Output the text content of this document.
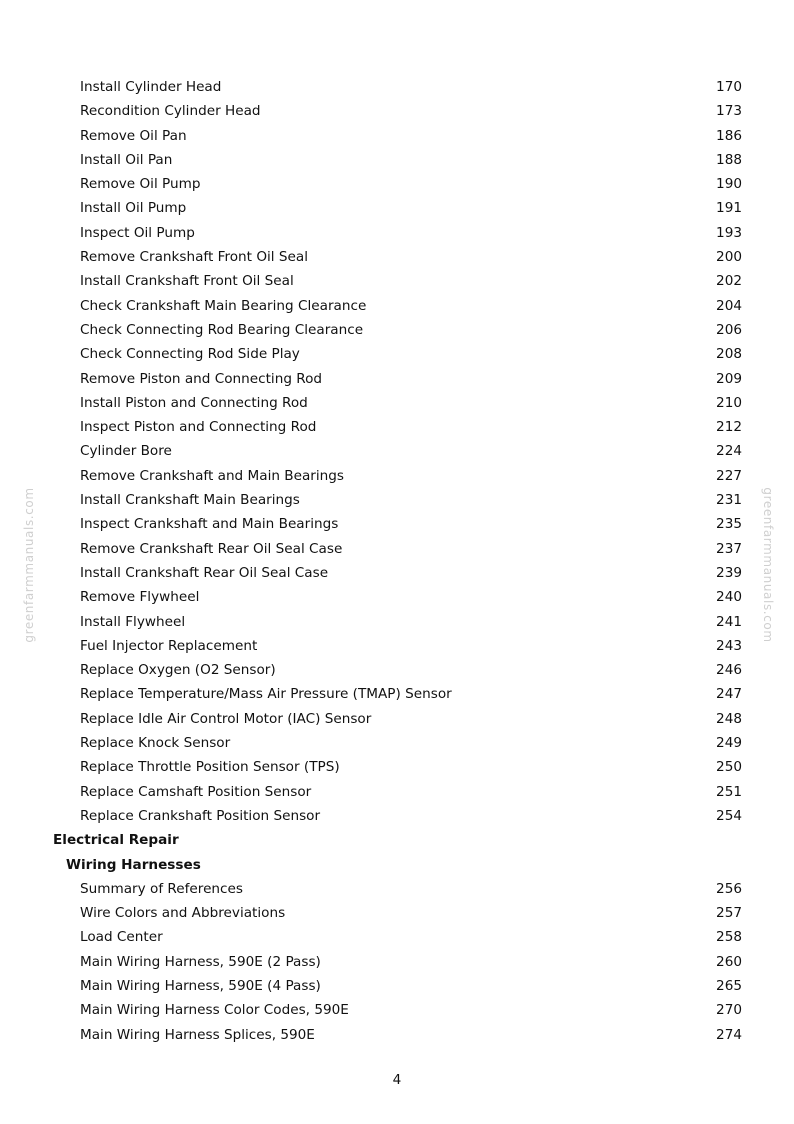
Install Cylinder Head	170
Recondition Cylinder Head	173
Remove Oil Pan	186
Install Oil Pan	188
Remove Oil Pump	190
Install Oil Pump	191
Inspect Oil Pump	193
Remove Crankshaft Front Oil Seal	200
Install Crankshaft Front Oil Seal	202
Check Crankshaft Main Bearing Clearance	204
Check Connecting Rod Bearing Clearance	206
Check Connecting Rod Side Play	208
Remove Piston and Connecting Rod	209
Install Piston and Connecting Rod	210
Inspect Piston and Connecting Rod	212
Cylinder Bore	224
Remove Crankshaft and Main Bearings	227
Install Crankshaft Main Bearings	231
Inspect Crankshaft and Main Bearings	235
Remove Crankshaft Rear Oil Seal Case	237
Install Crankshaft Rear Oil Seal Case	239
Remove Flywheel	240
Install Flywheel	241
Fuel Injector Replacement	243
Replace Oxygen (O2 Sensor)	246
Replace Temperature/Mass Air Pressure (TMAP) Sensor	247
Replace Idle Air Control Motor (IAC) Sensor	248
Replace Knock Sensor	249
Replace Throttle Position Sensor (TPS)	250
Replace Camshaft Position Sensor	251
Replace Crankshaft Position Sensor	254
Electrical Repair
Wiring Harnesses
Summary of References	256
Wire Colors and Abbreviations	257
Load Center	258
Main Wiring Harness, 590E (2 Pass)	260
Main Wiring Harness, 590E (4 Pass)	265
Main Wiring Harness Color Codes, 590E	270
Main Wiring Harness Splices, 590E	274
greenfarmmanuals.com	greenfarmmanuals.com
4
